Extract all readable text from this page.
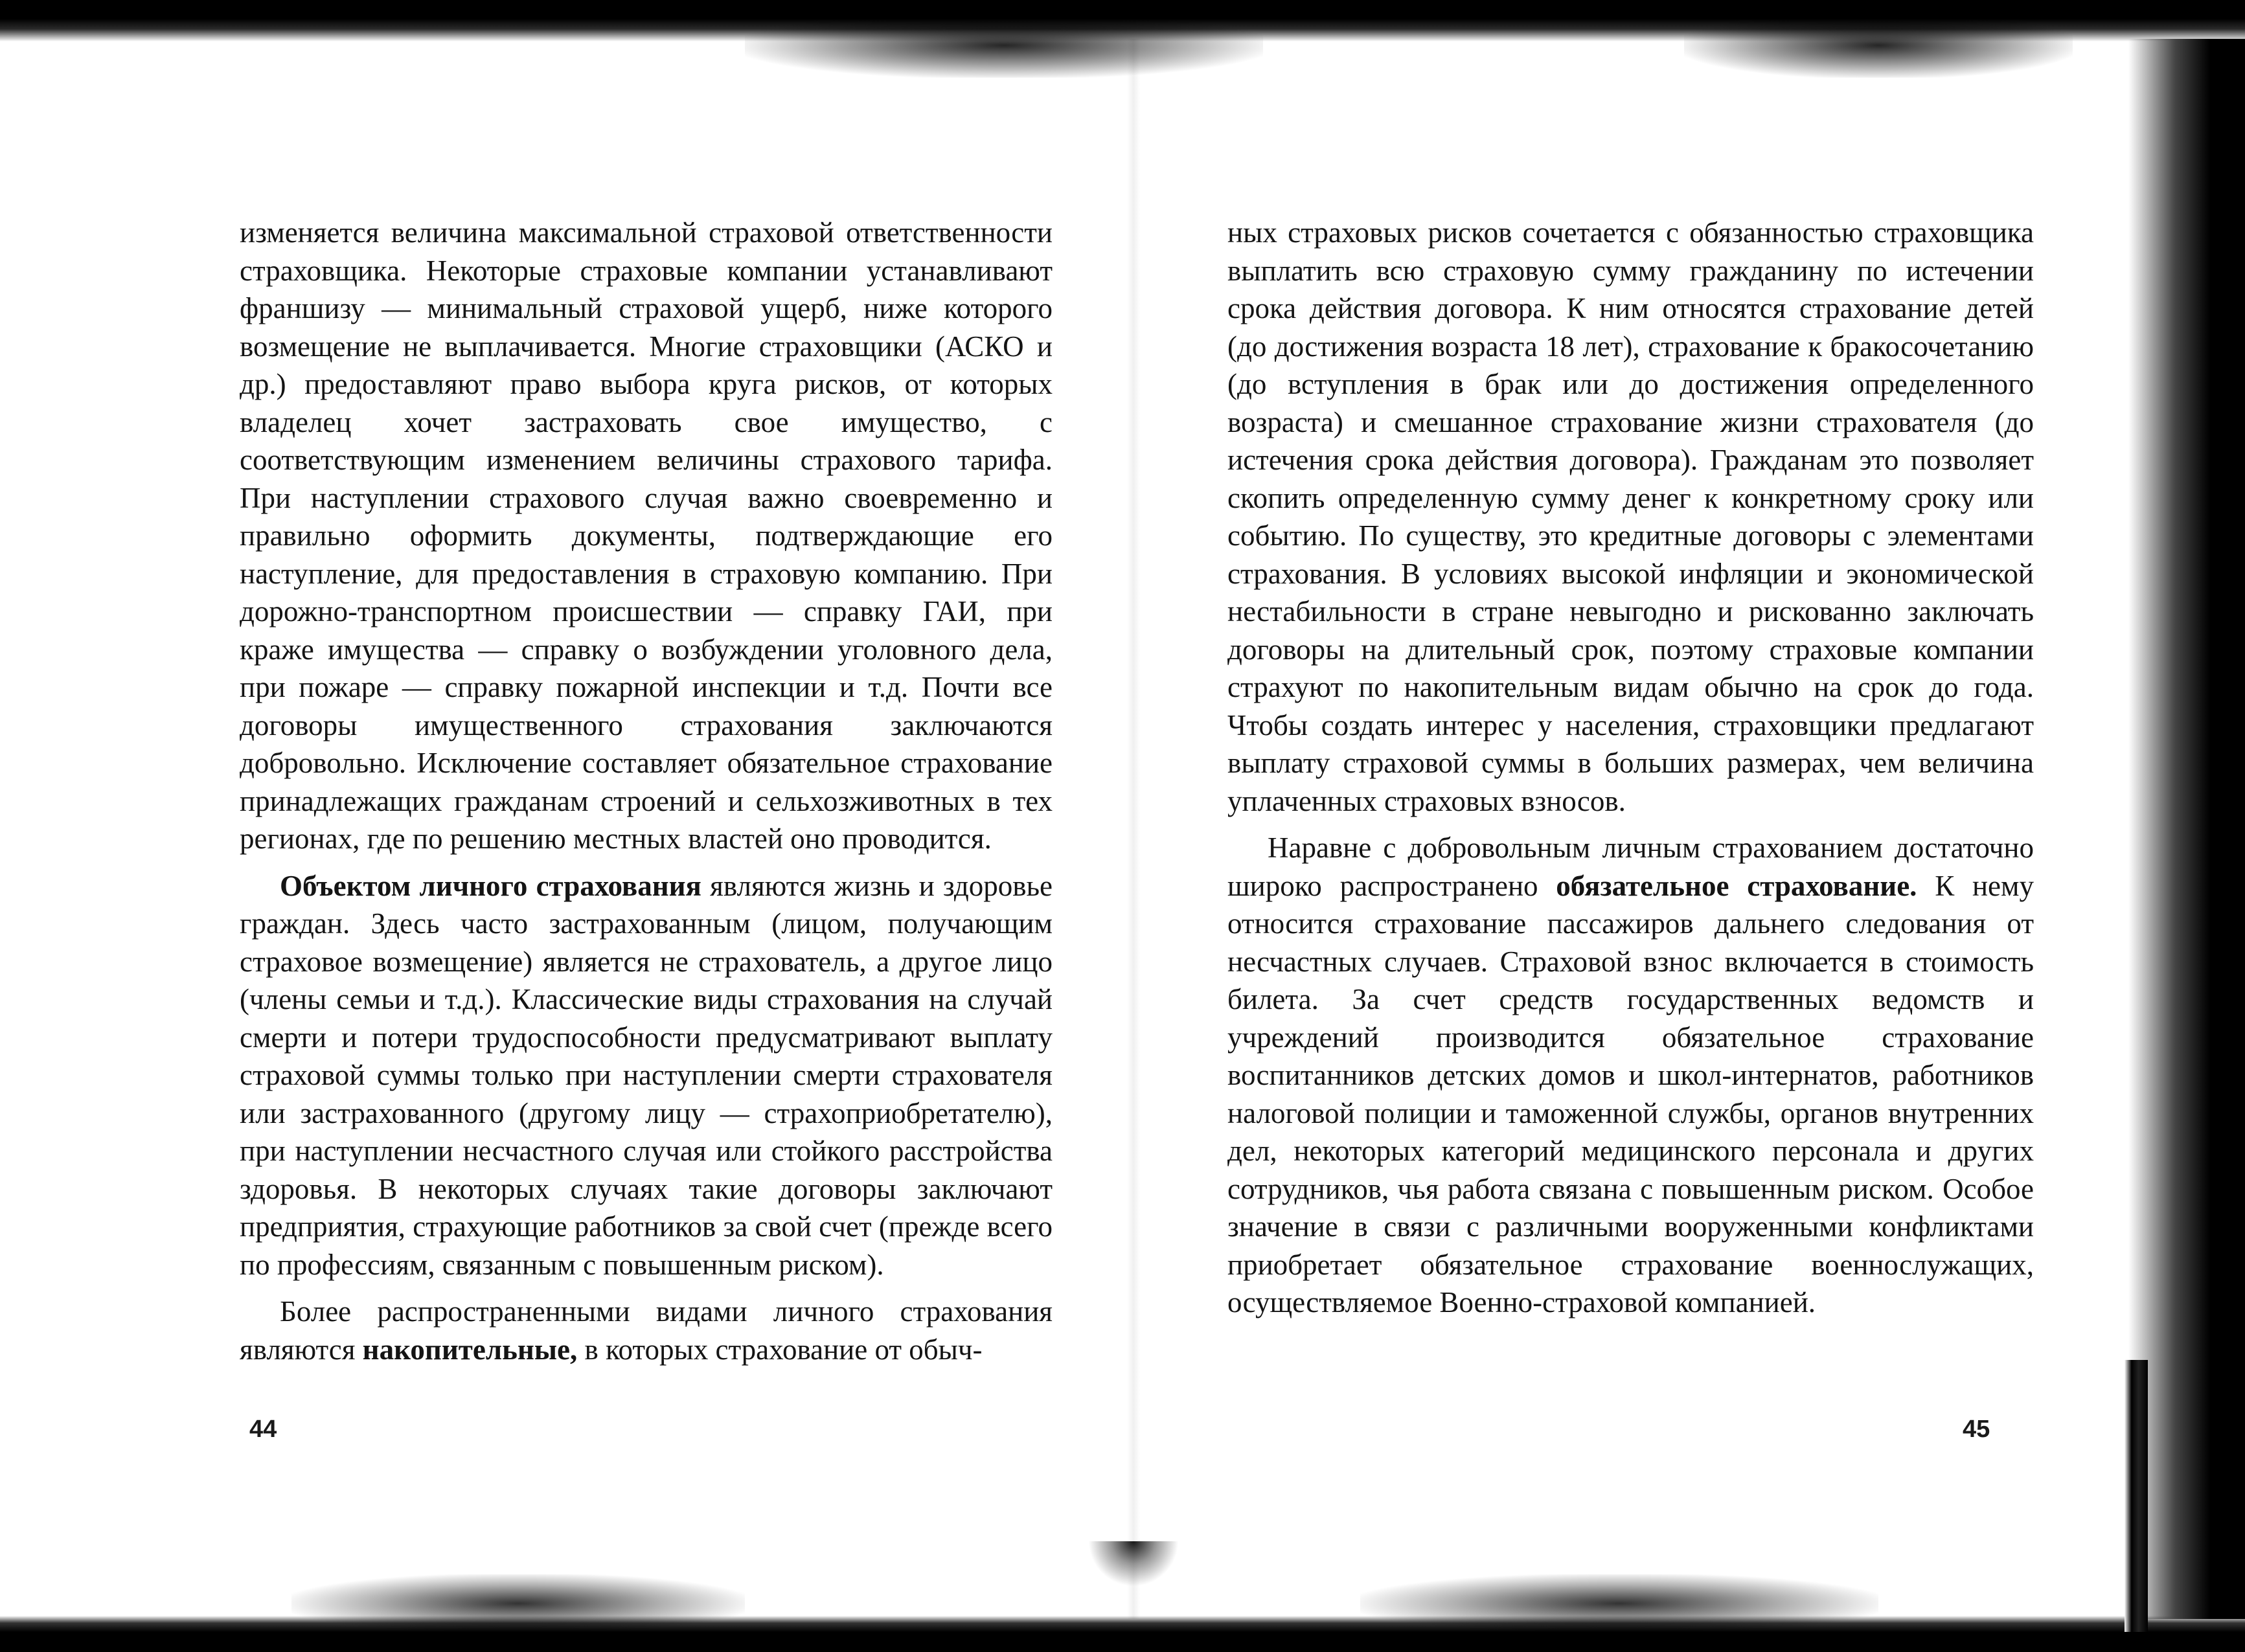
изменяется величина максимальной страховой ответственности страховщика. Некоторые страховые компании устанавливают франшизу — минимальный страховой ущерб, ниже которого возмещение не выплачивается. Многие страховщики (АСКО и др.) предоставляют право выбора круга рисков, от которых владелец хочет застраховать свое имущество, с соответствующим изменением величины страхового тарифа. При наступлении страхового случая важно своевременно и правильно оформить документы, подтверждающие его наступление, для предоставления в страховую компанию. При дорожно-транспортном происшествии — справку ГАИ, при краже имущества — справку о возбуждении уголовного дела, при пожаре — справку пожарной инспекции и т.д. Почти все договоры имущественного страхования заключаются добровольно. Исключение составляет обязательное страхование принадлежащих гражданам строений и сельхозживотных в тех регионах, где по решению местных властей оно проводится.

Объектом личного страхования являются жизнь и здоровье граждан. Здесь часто застрахованным (лицом, получающим страховое возмещение) является не страхователь, а другое лицо (члены семьи и т.д.). Классические виды страхования на случай смерти и потери трудоспособности предусматривают выплату страховой суммы только при наступлении смерти страхователя или застрахованного (другому лицу — страхоприобретателю), при наступлении несчастного случая или стойкого расстройства здоровья. В некоторых случаях такие договоры заключают предприятия, страхующие работников за свой счет (прежде всего по профессиям, связанным с повышенным риском).

Более распространенными видами личного страхования являются накопительные, в которых страхование от обыч-

44

ных страховых рисков сочетается с обязанностью страховщика выплатить всю страховую сумму гражданину по истечении срока действия договора. К ним относятся страхование детей (до достижения возраста 18 лет), страхование к бракосочетанию (до вступления в брак или до достижения определенного возраста) и смешанное страхование жизни страхователя (до истечения срока действия договора). Гражданам это позволяет скопить определенную сумму денег к конкретному сроку или событию. По существу, это кредитные договоры с элементами страхования. В условиях высокой инфляции и экономической нестабильности в стране невыгодно и рискованно заключать договоры на длительный срок, поэтому страховые компании страхуют по накопительным видам обычно на срок до года. Чтобы создать интерес у населения, страховщики предлагают выплату страховой суммы в больших размерах, чем величина уплаченных страховых взносов.

Наравне с добровольным личным страхованием достаточно широко распространено обязательное страхование. К нему относится страхование пассажиров дальнего следования от несчастных случаев. Страховой взнос включается в стоимость билета. За счет средств государственных ведомств и учреждений производится обязательное страхование воспитанников детских домов и школ-интернатов, работников налоговой полиции и таможенной службы, органов внутренних дел, некоторых категорий медицинского персонала и других сотрудников, чья работа связана с повышенным риском. Особое значение в связи с различными вооруженными конфликтами приобретает обязательное страхование военнослужащих, осуществляемое Военно-страховой компанией.

45
